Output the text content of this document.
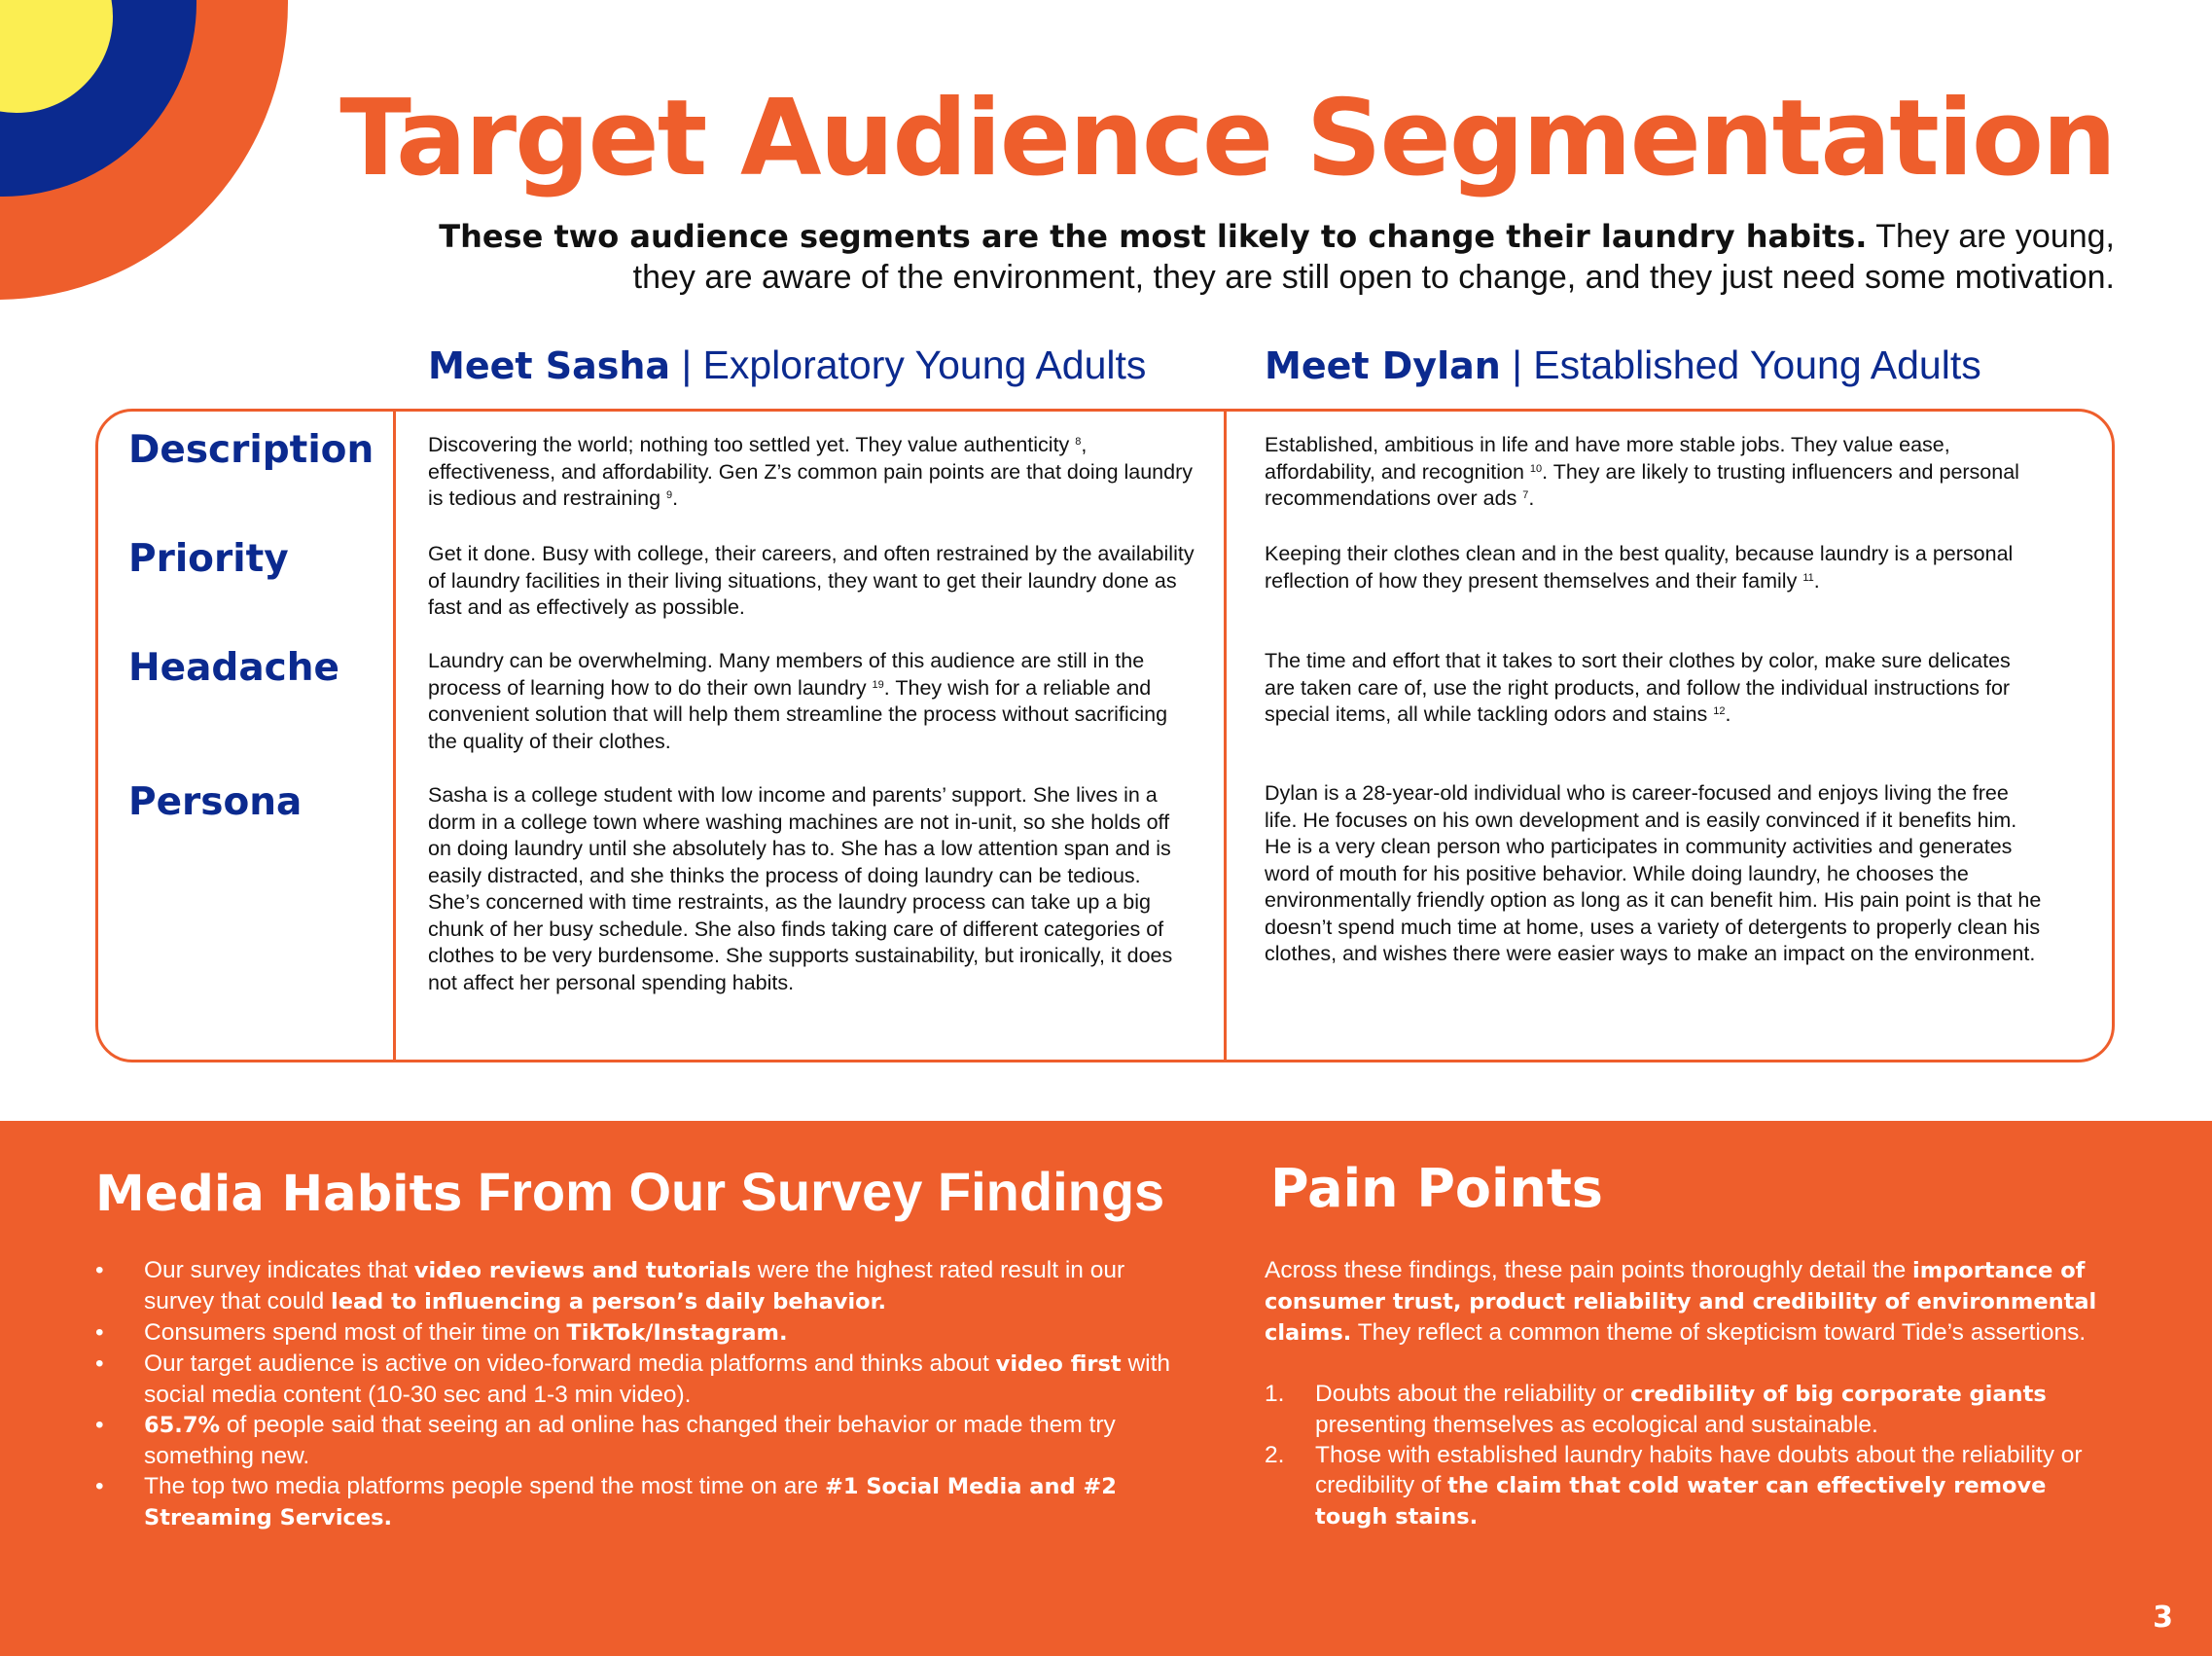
Target Audience Segmentation

These two audience segments are the most likely to change their laundry habits. They are young, they are aware of the environment, they are still open to change, and they just need some motivation.

Meet Sasha | Exploratory Young Adults	Meet Dylan | Established Young Adults
Description
Priority
Headache
Persona
Discovering the world; nothing too settled yet. They value authenticity $^8$, effectiveness, and affordability. Gen Z’s common pain points are that doing laundry is tedious and restraining $^9$.
Get it done. Busy with college, their careers, and often restrained by the availability of laundry facilities in their living situations, they want to get their laundry done as fast and as effectively as possible.
Laundry can be overwhelming. Many members of this audience are still in the process of learning how to do their own laundry $^{19}$. They wish for a reliable and convenient solution that will help them streamline the process without sacrificing the quality of their clothes.
Sasha is a college student with low income and parents’ support. She lives in a dorm in a college town where washing machines are not in-unit, so she holds off on doing laundry until she absolutely has to. She has a low attention span and is easily distracted, and she thinks the process of doing laundry can be tedious. She’s concerned with time restraints, as the laundry process can take up a big chunk of her busy schedule. She also finds taking care of different categories of clothes to be very burdensome. She supports sustainability, but ironically, it does not affect her personal spending habits.
Established, ambitious in life and have more stable jobs. They value ease, affordability, and recognition $^{10}$. They are likely to trusting influencers and personal recommendations over ads $^7$.
Keeping their clothes clean and in the best quality, because laundry is a personal reflection of how they present themselves and their family $^{11}$.
The time and effort that it takes to sort their clothes by color, make sure delicates are taken care of, use the right products, and follow the individual instructions for special items, all while tackling odors and stains $^{12}$.
Dylan is a 28-year-old individual who is career-focused and enjoys living the free life. He focuses on his own development and is easily convinced if it benefits him. He is a very clean person who participates in community activities and generates word of mouth for his positive behavior. While doing laundry, he chooses the environmentally friendly option as long as it can benefit him. His pain point is that he doesn’t spend much time at home, uses a variety of detergents to properly clean his clothes, and wishes there were easier ways to make an impact on the environment.
Media Habits From Our Survey Findings
• Our survey indicates that video reviews and tutorials were the highest rated result in our survey that could lead to influencing a person’s daily behavior.
• Consumers spend most of their time on TikTok/Instagram.
• Our target audience is active on video-forward media platforms and thinks about video first with social media content (10-30 sec and 1-3 min video).
• 65.7% of people said that seeing an ad online has changed their behavior or made them try something new.
• The top two media platforms people spend the most time on are #1 Social Media and #2 Streaming Services.
Pain Points

Across these findings, these pain points thoroughly detail the importance of consumer trust, product reliability and credibility of environmental claims. They reflect a common theme of skepticism toward Tide’s assertions.

1. Doubts about the reliability or credibility of big corporate giants presenting themselves as ecological and sustainable.
2. Those with established laundry habits have doubts about the reliability or credibility of the claim that cold water can effectively remove tough stains.
3
